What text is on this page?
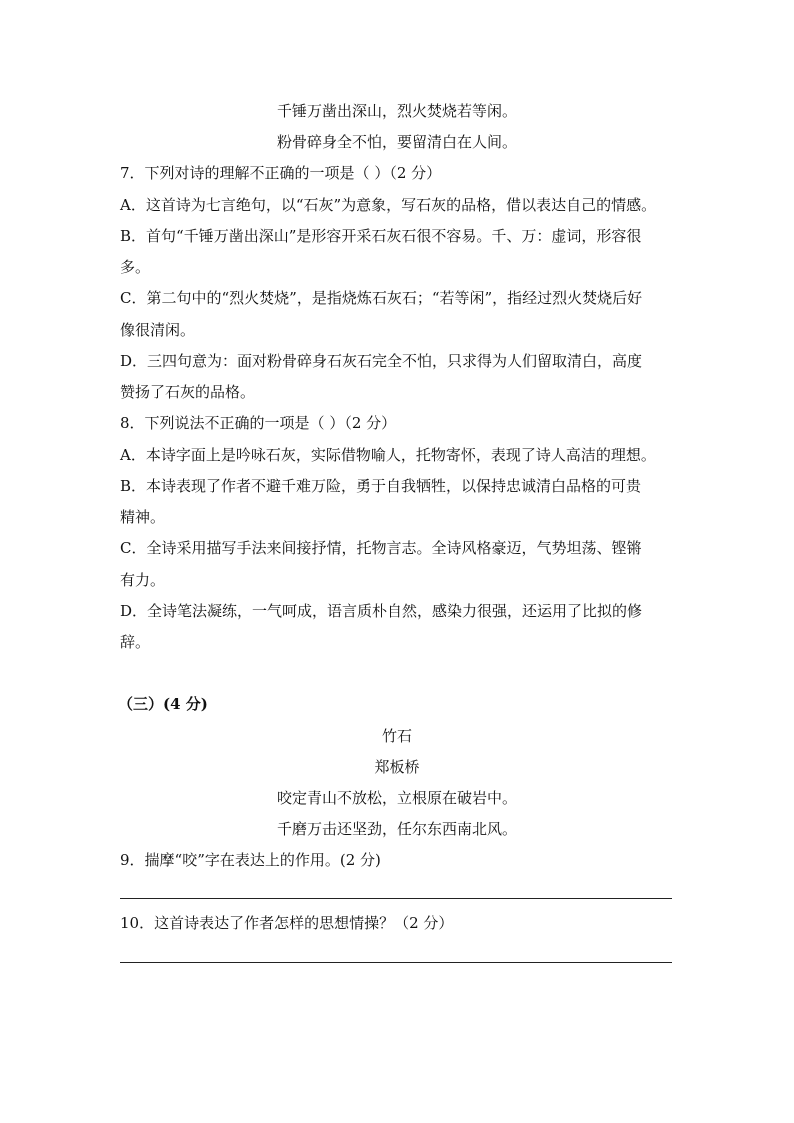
千锤万凿出深山，烈火焚烧若等闲。
粉骨碎身全不怕，要留清白在人间。
7．下列对诗的理解不正确的一项是（ ）（2 分）
A．这首诗为七言绝句，以“石灰”为意象，写石灰的品格，借以表达自己的情感。
B．首句“千锤万凿出深山”是形容开采石灰石很不容易。千、万：虚词，形容很
多。
C．第二句中的“烈火焚烧”，是指烧炼石灰石；“若等闲”，指经过烈火焚烧后好
像很清闲。
D．三四句意为：面对粉骨碎身石灰石完全不怕，只求得为人们留取清白，高度
赞扬了石灰的品格。
8．下列说法不正确的一项是（ ）（2 分）
A．本诗字面上是吟咏石灰，实际借物喻人，托物寄怀，表现了诗人高洁的理想。
B．本诗表现了作者不避千难万险，勇于自我牺牲，以保持忠诚清白品格的可贵
精神。
C．全诗采用描写手法来间接抒情，托物言志。全诗风格豪迈，气势坦荡、铿锵
有力。
D．全诗笔法凝练，一气呵成，语言质朴自然，感染力很强，还运用了比拟的修
辞。
（三）(4 分)
竹石
郑板桥
咬定青山不放松，立根原在破岩中。
千磨万击还坚劲，任尔东西南北风。
9．揣摩“咬”字在表达上的作用。(2 分)
10．这首诗表达了作者怎样的思想情操？（2 分）
